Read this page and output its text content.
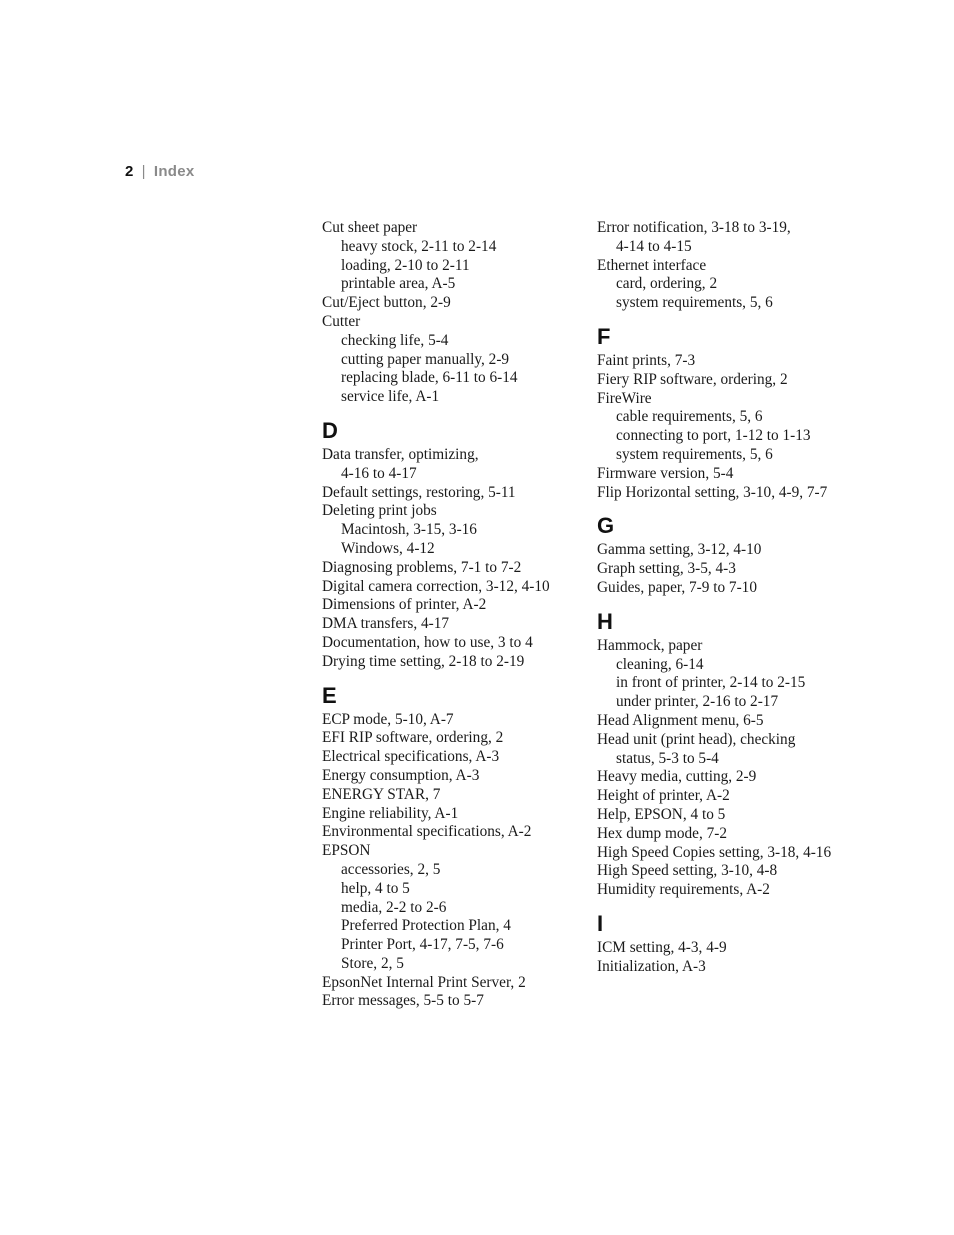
2 | Index
Cut sheet paper
heavy stock, 2-11 to 2-14
loading, 2-10 to 2-11
printable area, A-5
Cut/Eject button, 2-9
Cutter
checking life, 5-4
cutting paper manually, 2-9
replacing blade, 6-11 to 6-14
service life, A-1
D
Data transfer, optimizing,
4-16 to 4-17
Default settings, restoring, 5-11
Deleting print jobs
Macintosh, 3-15, 3-16
Windows, 4-12
Diagnosing problems, 7-1 to 7-2
Digital camera correction, 3-12, 4-10
Dimensions of printer, A-2
DMA transfers, 4-17
Documentation, how to use, 3 to 4
Drying time setting, 2-18 to 2-19
E
ECP mode, 5-10, A-7
EFI RIP software, ordering, 2
Electrical specifications, A-3
Energy consumption, A-3
ENERGY STAR, 7
Engine reliability, A-1
Environmental specifications, A-2
EPSON
accessories, 2, 5
help, 4 to 5
media, 2-2 to 2-6
Preferred Protection Plan, 4
Printer Port, 4-17, 7-5, 7-6
Store, 2, 5
EpsonNet Internal Print Server, 2
Error messages, 5-5 to 5-7
Error notification, 3-18 to 3-19,
4-14 to 4-15
Ethernet interface
card, ordering, 2
system requirements, 5, 6
F
Faint prints, 7-3
Fiery RIP software, ordering, 2
FireWire
cable requirements, 5, 6
connecting to port, 1-12 to 1-13
system requirements, 5, 6
Firmware version, 5-4
Flip Horizontal setting, 3-10, 4-9, 7-7
G
Gamma setting, 3-12, 4-10
Graph setting, 3-5, 4-3
Guides, paper, 7-9 to 7-10
H
Hammock, paper
cleaning, 6-14
in front of printer, 2-14 to 2-15
under printer, 2-16 to 2-17
Head Alignment menu, 6-5
Head unit (print head), checking
status, 5-3 to 5-4
Heavy media, cutting, 2-9
Height of printer, A-2
Help, EPSON, 4 to 5
Hex dump mode, 7-2
High Speed Copies setting, 3-18, 4-16
High Speed setting, 3-10, 4-8
Humidity requirements, A-2
I
ICM setting, 4-3, 4-9
Initialization, A-3
